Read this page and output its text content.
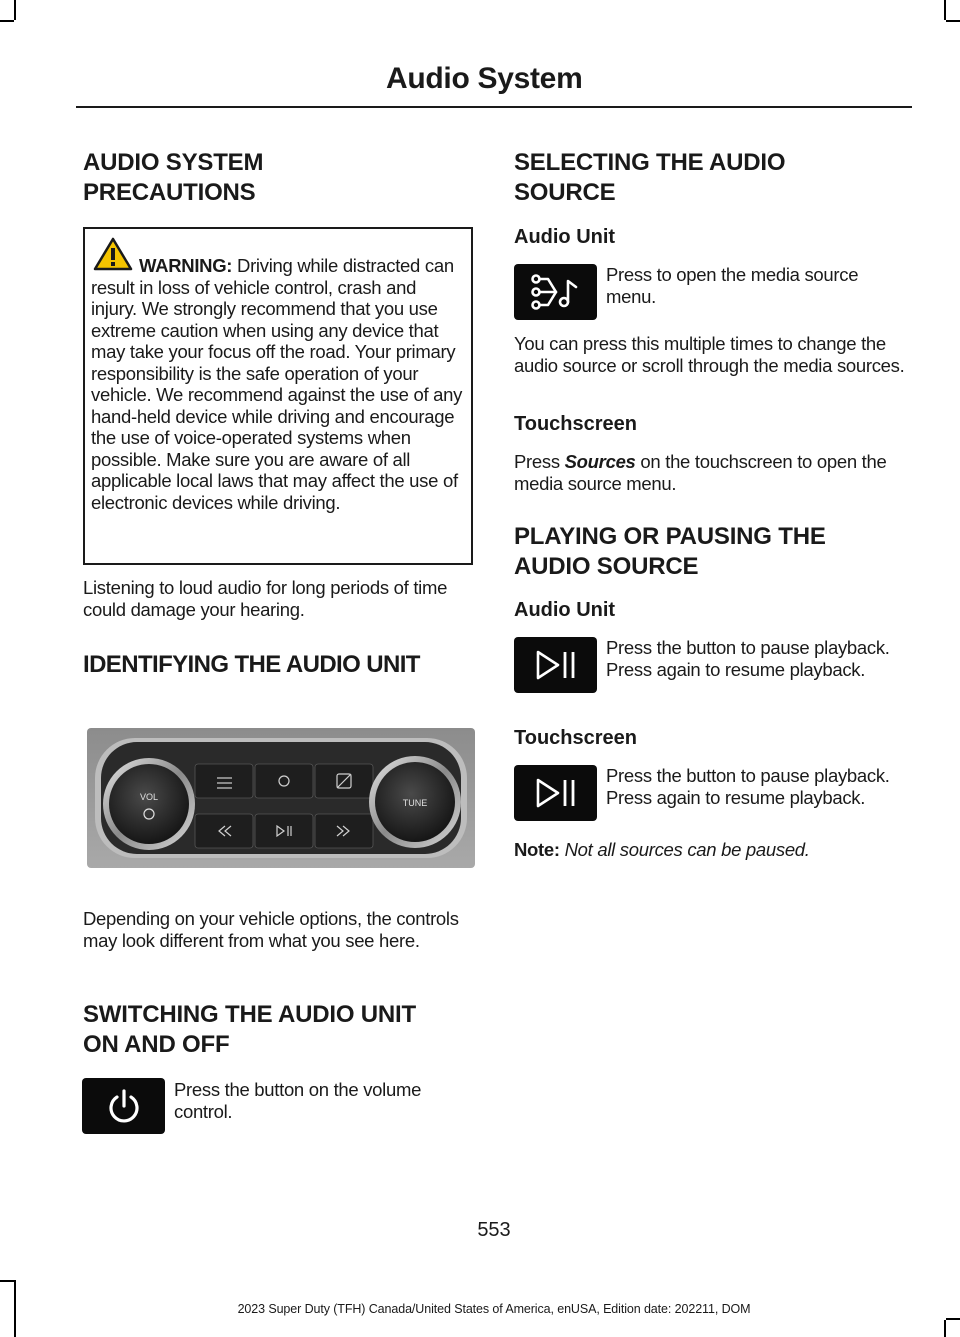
Audio System
AUDIO SYSTEM
PRECAUTIONS

WARNING: Driving while distracted can result in loss of vehicle control, crash and injury. We strongly recommend that you use extreme caution when using any device that may take your focus off the road. Your primary responsibility is the safe operation of your vehicle. We recommend against the use of any hand-held device while driving and encourage the use of voice-operated systems when possible. Make sure you are aware of all applicable local laws that may affect the use of electronic devices while driving.

Listening to loud audio for long periods of time could damage your hearing.

IDENTIFYING THE AUDIO UNIT
VOL
TUNE

Depending on your vehicle options, the controls may look different from what you see here.

SWITCHING THE AUDIO UNIT
ON AND OFF

Press the button on the volume control.

SELECTING THE AUDIO
SOURCE
Audio Unit

Press to open the media source menu.

You can press this multiple times to change the audio source or scroll through the media sources.

Touchscreen

Press Sources on the touchscreen to open the media source menu.

PLAYING OR PAUSING THE
AUDIO SOURCE
Audio Unit

Press the button to pause playback. Press again to resume playback.

Touchscreen

Press the button to pause playback. Press again to resume playback.

Note: Not all sources can be paused.

553
2023 Super Duty (TFH) Canada/United States of America, enUSA, Edition date: 202211, DOM
